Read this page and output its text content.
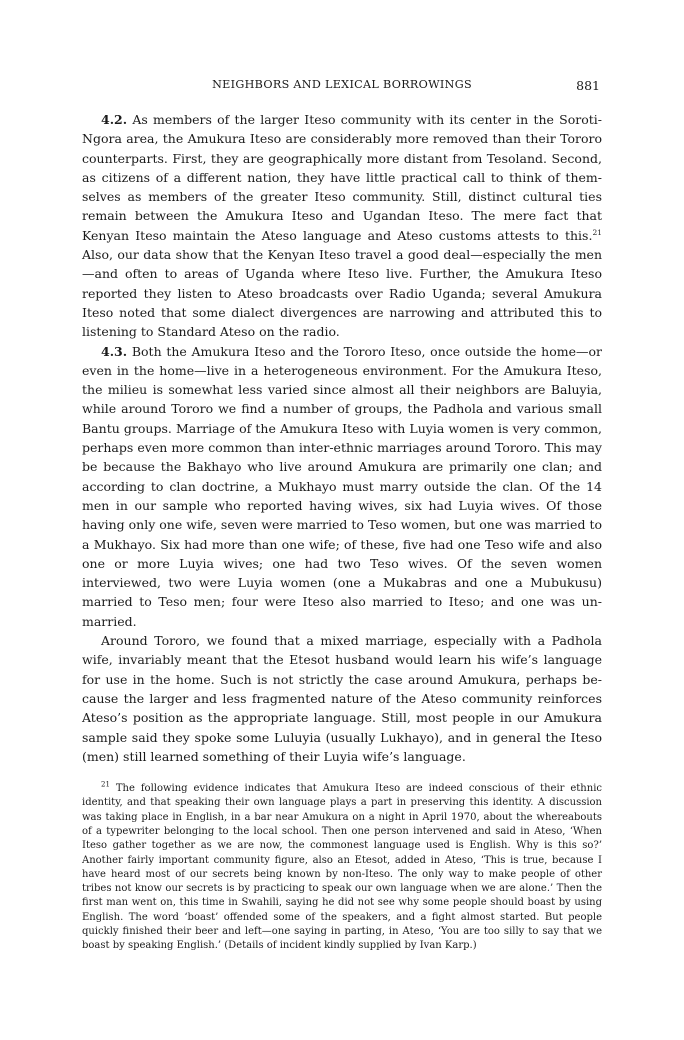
NEIGHBORS AND LEXICAL BORROWINGS	881

4.2. As members of the larger Iteso community with its center in the Soroti-Ngora area, the Amukura Iteso are considerably more removed than their Tororo counterparts. First, they are geographically more distant from Tesoland. Second, as citizens of a different nation, they have little practical call to think of themselves as members of the greater Iteso community. Still, distinct cultural ties remain between the Amukura Iteso and Ugandan Iteso. The mere fact that Kenyan Iteso maintain the Ateso language and Ateso customs attests to this.$^{21}$ Also, our data show that the Kenyan Iteso travel a good deal—especially the men—and often to areas of Uganda where Iteso live. Further, the Amukura Iteso reported they listen to Ateso broadcasts over Radio Uganda; several Amukura Iteso noted that some dialect divergences are narrowing and attributed this to listening to Standard Ateso on the radio.

4.3. Both the Amukura Iteso and the Tororo Iteso, once outside the home—or even in the home—live in a heterogeneous environment. For the Amukura Iteso, the milieu is somewhat less varied since almost all their neighbors are Baluyia, while around Tororo we find a number of groups, the Padhola and various small Bantu groups. Marriage of the Amukura Iteso with Luyia women is very common, perhaps even more common than inter-ethnic marriages around Tororo. This may be because the Bakhayo who live around Amukura are primarily one clan; and according to clan doctrine, a Mukhayo must marry outside the clan. Of the 14 men in our sample who reported having wives, six had Luyia wives. Of those having only one wife, seven were married to Teso women, but one was married to a Mukhayo. Six had more than one wife; of these, five had one Teso wife and also one or more Luyia wives; one had two Teso wives. Of the seven women interviewed, two were Luyia women (one a Mukabras and one a Mubukusu) married to Teso men; four were Iteso also married to Iteso; and one was unmarried.

Around Tororo, we found that a mixed marriage, especially with a Padhola wife, invariably meant that the Etesot husband would learn his wife’s language for use in the home. Such is not strictly the case around Amukura, perhaps because the larger and less fragmented nature of the Ateso community reinforces Ateso’s position as the appropriate language. Still, most people in our Amukura sample said they spoke some Luluyia (usually Lukhayo), and in general the Iteso (men) still learned something of their Luyia wife’s language.

$^{21}$ The following evidence indicates that Amukura Iteso are indeed conscious of their ethnic identity, and that speaking their own language plays a part in preserving this identity. A discussion was taking place in English, in a bar near Amukura on a night in April 1970, about the whereabouts of a typewriter belonging to the local school. Then one person intervened and said in Ateso, ‘When Iteso gather together as we are now, the commonest language used is English. Why is this so?’ Another fairly important community figure, also an Etesot, added in Ateso, ‘This is true, because I have heard most of our secrets being known by non-Iteso. The only way to make people of other tribes not know our secrets is by practicing to speak our own language when we are alone.’ Then the first man went on, this time in Swahili, saying he did not see why some people should boast by using English. The word ‘boast’ offended some of the speakers, and a fight almost started. But people quickly finished their beer and left—one saying in parting, in Ateso, ‘You are too silly to say that we boast by speaking English.’ (Details of incident kindly supplied by Ivan Karp.)
